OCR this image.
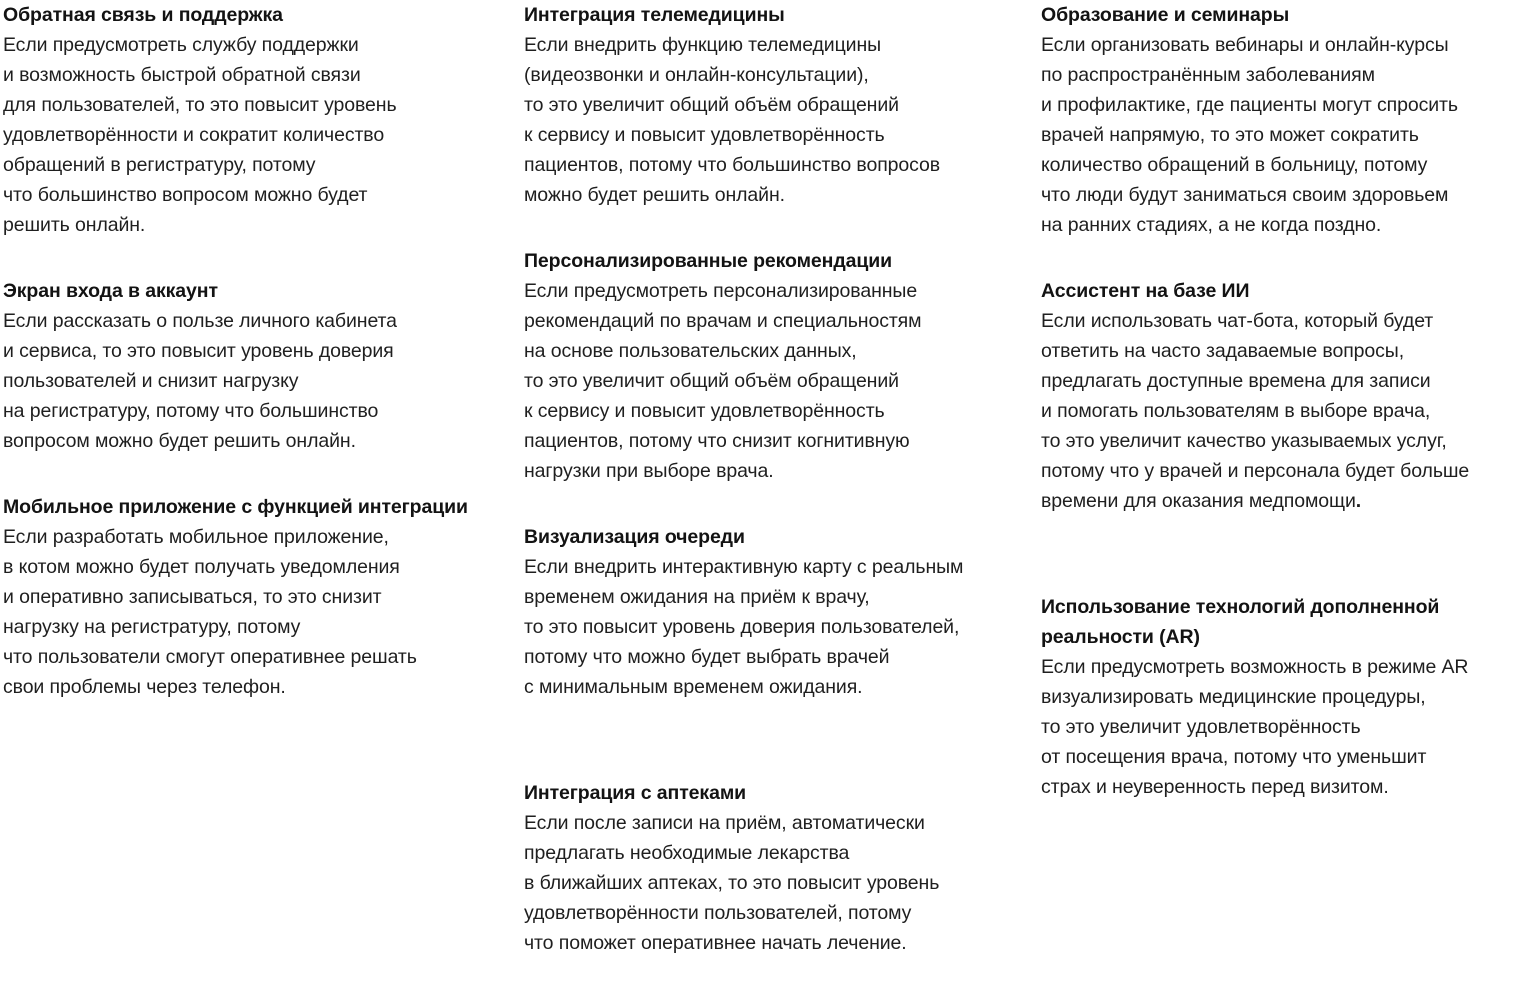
Обратная связь и поддержка
Если предусмотреть службу поддержки
и возможность быстрой обратной связи
для пользователей, то это повысит уровень
удовлетворённости и сократит количество
обращений в регистратуру, потому
что большинство вопросом можно будет
решить онлайн.
Экран входа в аккаунт
Если рассказать о пользе личного кабинета
и сервиса, то это повысит уровень доверия
пользователей и снизит нагрузку
на регистратуру, потому что большинство
вопросом можно будет решить онлайн.
Мобильное приложение с функцией интеграции
Если разработать мобильное приложение,
в котом можно будет получать уведомления
и оперативно записываться, то это снизит
нагрузку на регистратуру, потому
что пользователи смогут оперативнее решать
свои проблемы через телефон.
Интеграция телемедицины
Если внедрить функцию телемедицины
(видеозвонки и онлайн-консультации),
то это увеличит общий объём обращений
к сервису и повысит удовлетворённость
пациентов, потому что большинство вопросов
можно будет решить онлайн.
Персонализированные рекомендации
Если предусмотреть персонализированные
рекомендаций по врачам и специальностям
на основе пользовательских данных,
то это увеличит общий объём обращений
к сервису и повысит удовлетворённость
пациентов, потому что снизит когнитивную
нагрузки при выборе врача.
Визуализация очереди
Если внедрить интерактивную карту с реальным
временем ожидания на приём к врачу,
то это повысит уровень доверия пользователей,
потому что можно будет выбрать врачей
с минимальным временем ожидания.
Интеграция с аптеками
Если после записи на приём, автоматически
предлагать необходимые лекарства
в ближайших аптеках, то это повысит уровень
удовлетворённости пользователей, потому
что поможет оперативнее начать лечение.
Образование и семинары
Если организовать вебинары и онлайн-курсы
по распространённым заболеваниям
и профилактике, где пациенты могут спросить
врачей напрямую, то это может сократить
количество обращений в больницу, потому
что люди будут заниматься своим здоровьем
на ранних стадиях, а не когда поздно.
Ассистент на базе ИИ
Если использовать чат-бота, который будет
ответить на часто задаваемые вопросы,
предлагать доступные времена для записи
и помогать пользователям в выборе врача,
то это увеличит качество указываемых услуг,
потому что у врачей и персонала будет больше
времени для оказания медпомощи.
Использование технологий дополненной реальности (AR)
Если предусмотреть возможность в режиме AR
визуализировать медицинские процедуры,
то это увеличит удовлетворённость
от посещения врача, потому что уменьшит
страх и неуверенность перед визитом.
